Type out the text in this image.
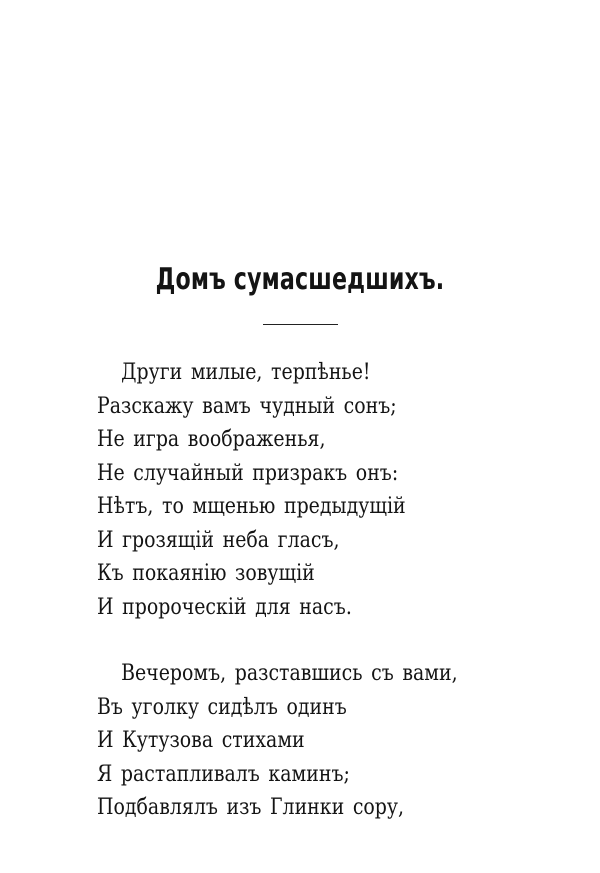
Домъ сумасшедшихъ.
Други милые, терпѣнье!
Разскажу вамъ чудный сонъ;
Не игра воображенья,
Не случайный призракъ онъ:
Нѣтъ, то мщенью предыдущій
И грозящій неба гласъ,
Къ покаянію зовущій
И пророческій для насъ.
Вечеромъ, разставшись съ вами,
Въ уголку сидѣлъ одинъ
И Кутузова стихами
Я растапливалъ каминъ;
Подбавлялъ изъ Глинки сору,
